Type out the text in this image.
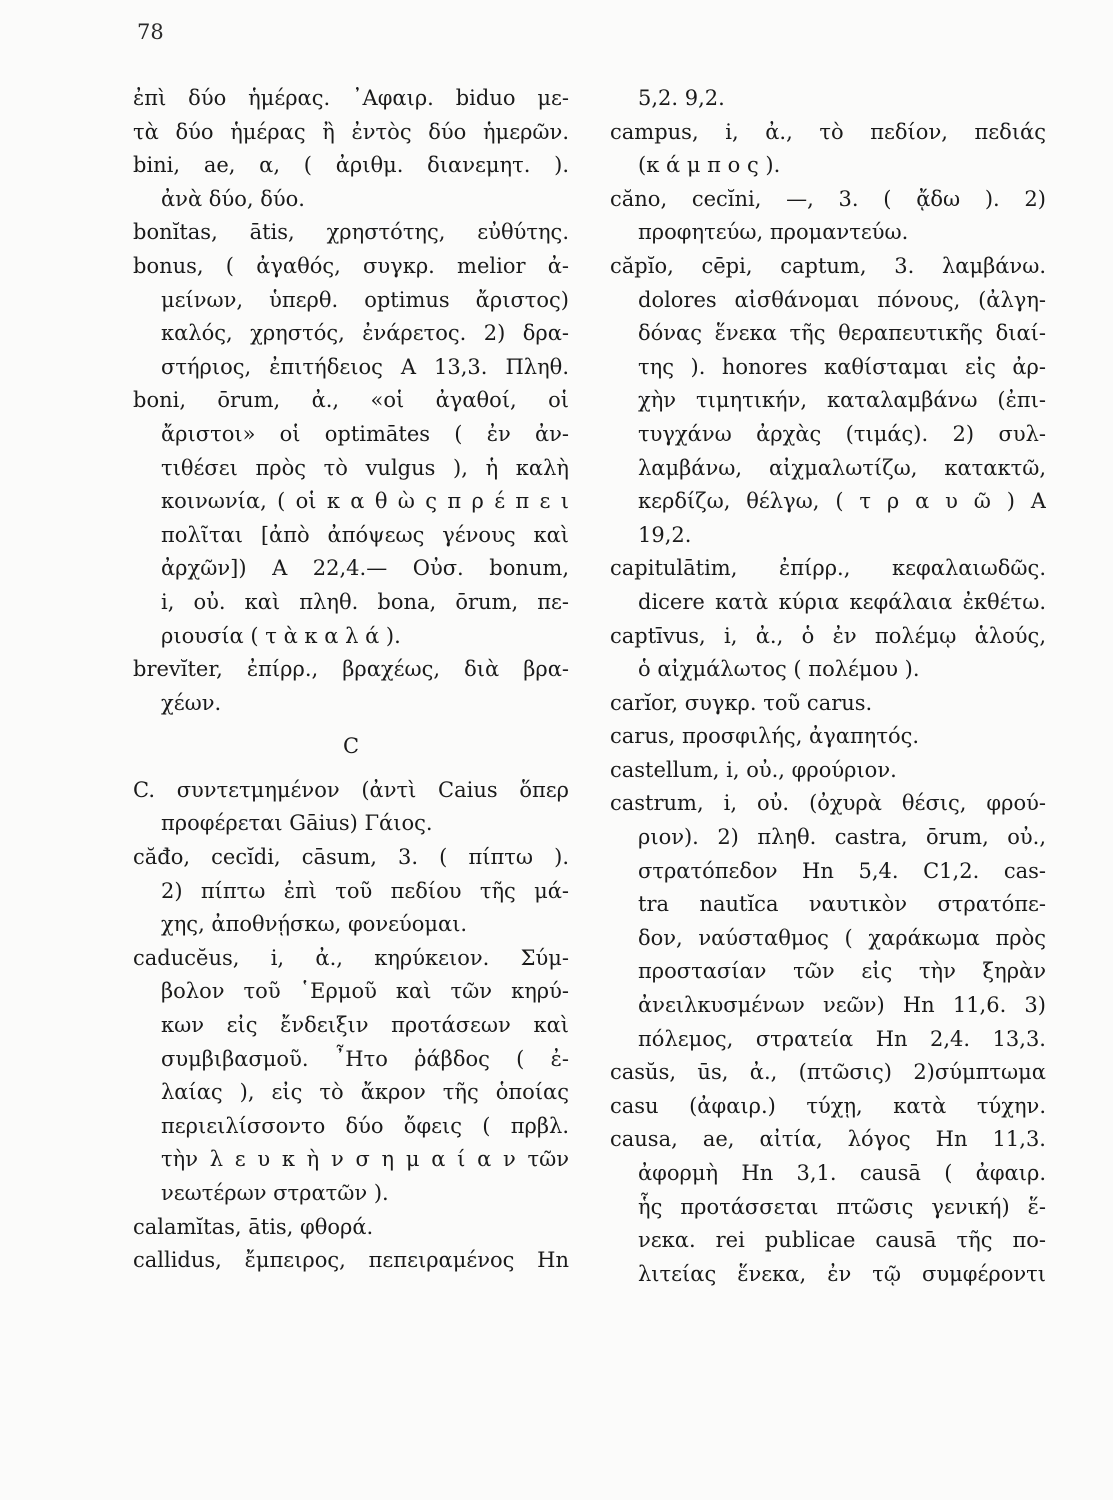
78
ἐπὶ δύο ἡμέρας. ᾽Αφαιρ. biduo με-
τὰ δύο ἡμέρας ἢ ἐντὸς δύο ἡμερῶν.
bini, ae, α, ( ἀριθμ. διανεμητ. ).
ἀνὰ δύο, δύο.
bonĭtas, ātis, χρηστότης, εὐθύτης.
bonus, ( ἀγαθός, συγκρ. melior ἀ-
μείνων, ὑπερθ. optimus ἄριστος)
καλός, χρηστός, ἐνάρετος. 2) δρα-
στήριος, ἐπιτήδειος A 13,3. Πληθ.
boni, ōrum, ἀ., «οἱ ἀγαθοί, οἱ
ἄριστοι» οἱ optimātes ( ἐν ἀν-
τιθέσει πρὸς τὸ vulgus ), ἡ καλὴ
κοινωνία, ( οἱ κ α θ ὼ ς π ρ έ π ε ι
πολῖται [ἀπὸ ἀπόψεως γένους καὶ
ἀρχῶν]) A 22,4.— Οὐσ. bonum,
i, οὐ. καὶ πληθ. bona, ōrum, πε-
ριουσία ( τ ὰ κ α λ ά ).
brevĭter, ἐπίρρ., βραχέως, διὰ βρα-
χέων.
C
C. συντετμημένον (ἀντὶ Caius ὅπερ
προφέρεται Gāius) Γάιος.
căđo, cecĭdi, cāsum, 3. ( πίπτω ).
2) πίπτω ἐπὶ τοῦ πεδίου τῆς μά-
χης, ἀποθνῄσκω, φονεύομαι.
caducĕus, i, ἀ., κηρύκειον. Σύμ-
βολον τοῦ ῾Ερμοῦ καὶ τῶν κηρύ-
κων εἰς ἔνδειξιν προτάσεων καὶ
συμβιβασμοῦ. ῏Ητο ῥάβδος ( ἐ-
λαίας ), εἰς τὸ ἄκρον τῆς ὁποίας
περιειλίσσοντο δύο ὄφεις ( πρβλ.
τὴν λ ε υ κ ὴ ν σ η μ α ί α ν τῶν
νεωτέρων στρατῶν ).
calamĭtas, ātis, φθορά.
callidus, ἔμπειρος, πεπειραμένος Hn
5,2. 9,2.
campus, i, ἀ., τὸ πεδίον, πεδιάς
(κ ά μ π ο ς ).
căno, cecĭni, —, 3. ( ᾄδω ). 2)
προφητεύω, προμαντεύω.
căpĭo, cēpi, captum, 3. λαμβάνω.
dolores αἰσθάνομαι πόνους, (ἀλγη-
δόνας ἕνεκα τῆς θεραπευτικῆς διαί-
της ). honores καθίσταμαι εἰς ἀρ-
χὴν τιμητικήν, καταλαμβάνω (ἐπι-
τυγχάνω ἀρχὰς (τιμάς). 2) συλ-
λαμβάνω, αἰχμαλωτίζω, κατακτῶ,
κερδίζω, θέλγω, ( τ ρ α υ ῶ ) A
19,2.
capitulātim, ἐπίρρ., κεφαλαιωδῶς.
dicere κατὰ κύρια κεφάλαια ἐκθέτω.
captīvus, i, ἀ., ὁ ἐν πολέμῳ ἁλούς,
ὁ αἰχμάλωτος ( πολέμου ).
carĭor, συγκρ. τοῦ carus.
carus, προσφιλής, ἀγαπητός.
castellum, i, οὐ., φρούριον.
castrum, i, οὐ. (ὀχυρὰ θέσις, φρού-
ριον). 2) πληθ. castra, ōrum, οὐ.,
στρατόπεδον Hn 5,4. C1,2. cas-
tra nautĭca ναυτικὸν στρατόπε-
δον, ναύσταθμος ( χαράκωμα πρὸς
προστασίαν τῶν εἰς τὴν ξηρὰν
ἀνειλκυσμένων νεῶν) Hn 11,6. 3)
πόλεμος, στρατεία Hn 2,4. 13,3.
casŭs, ūs, ἀ., (πτῶσις) 2)σύμπτωμα
casu (ἀφαιρ.) τύχῃ, κατὰ τύχην.
causa, ae, αἰτία, λόγος Hn 11,3.
ἀφορμὴ Hn 3,1. causā ( ἀφαιρ.
ἧς προτάσσεται πτῶσις γενική) ἕ-
νεκα. rei publicae causā τῆς πο-
λιτείας ἕνεκα, ἐν τῷ συμφέροντι
